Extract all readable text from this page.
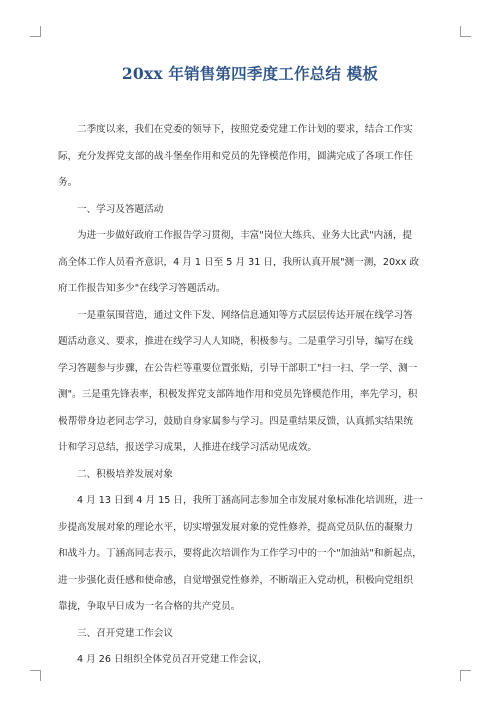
20xx 年销售第四季度工作总结 模板
二季度以来，我们在党委的领导下，按照党委党建工作计划的要求，结合工作实
际，充分发挥党支部的战斗堡垒作用和党员的先锋模范作用，圆满完成了各项工作任
务。
一、学习及答题活动
为进一步做好政府工作报告学习贯彻，丰富"岗位大练兵、业务大比武"内涵，提
高全体工作人员看齐意识，4 月 1 日至 5 月 31 日，我所认真开展"测一测，20xx 政
府工作报告知多少"在线学习答题活动。
一是重氛围营造，通过文件下发、网络信息通知等方式层层传达开展在线学习答
题活动意义、要求，推进在线学习人人知晓，积极参与。二是重学习引导，编写在线
学习答题参与步骤，在公告栏等重要位置张贴，引导干部职工"扫一扫、学一学、测一
测"。三是重先锋表率，积极发挥党支部阵地作用和党员先锋模范作用，率先学习，积
极帮带身边老同志学习，鼓励自身家属参与学习。四是重结果反馈，认真抓实结果统
计和学习总结，报送学习成果，人推进在线学习活动见成效。
二、积极培养发展对象
4 月 13 日到 4 月 15 日，我所丁涵高同志参加全市发展对象标准化培训班，进一
步提高发展对象的理论水平，切实增强发展对象的党性修养，提高党员队伍的凝聚力
和战斗力。丁涵高同志表示，要将此次培训作为工作学习中的一个"加油站"和新起点，
进一步强化责任感和使命感，自觉增强党性修养，不断端正入党动机，积极向党组织
靠拢，争取早日成为一名合格的共产党员。
三、召开党建工作会议
4 月 26 日组织全体党员召开党建工作会议，
